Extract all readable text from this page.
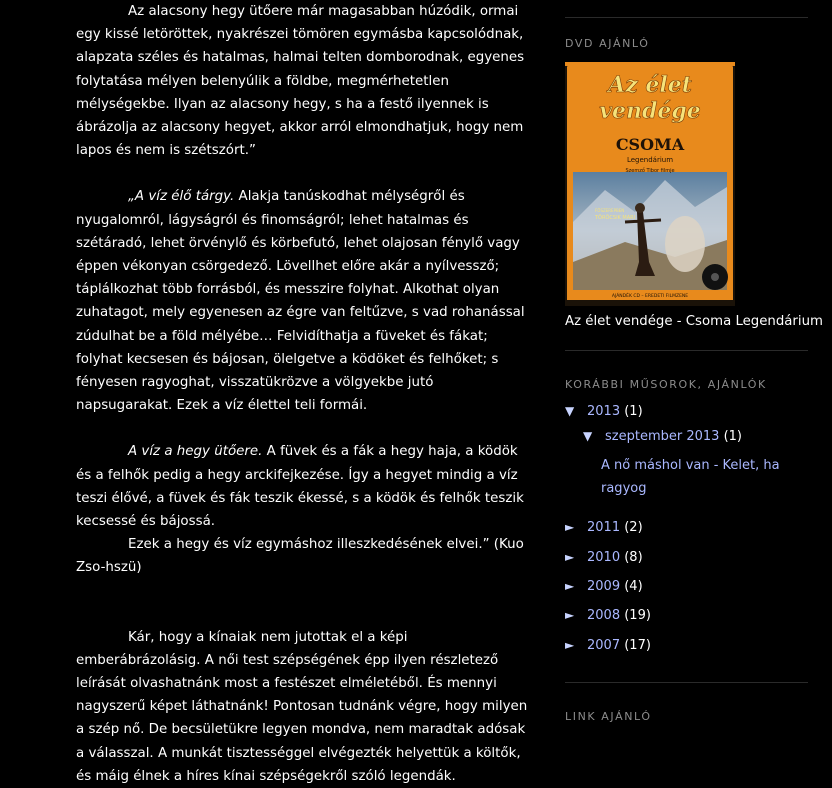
Az alacsony hegy ütőere már magasabban húzódik, ormai egy kissé letöröttek, nyakrészei tömören egymásba kapcsolódnak, alapzata széles és hatalmas, halmai telten domborodnak, egyenes folytatása mélyen belenyúlik a földbe, megmérhetetlen mélységekbe. Ilyan az alacsony hegy, s ha a festő ilyennek is ábrázolja az alacsony hegyet, akkor arról elmondhatjuk, hogy nem lapos és nem is szétszórt.”

„A víz élő tárgy. Alakja tanúskodhat mélységről és nyugalomról, lágyságról és finomságról; lehet hatalmas és szétáradó, lehet örvénylő és körbefutó, lehet olajosan fénylő vagy éppen vékonyan csörgedező. Lövellhet előre akár a nyílvessző; táplálkozhat több forrásból, és messzire folyhat. Alkothat olyan zuhatagot, mely egyenesen az égre van feltűzve, s vad rohanással zúdulhat be a föld mélyébe… Felvidíthatja a füveket és fákat; folyhat kecsesen és bájosan, ölelgetve a ködöket és felhőket; s fényesen ragyoghat, visszatükrözve a völgyekbe jutó napsugarakat. Ezek a víz élettel teli formái.

A víz a hegy ütőere. A füvek és a fák a hegy haja, a ködök és a felhők pedig a hegy arckifejkezése. Így a hegyet mindig a víz teszi élővé, a füvek és fák teszik ékessé, s a ködök és felhők teszik kecsessé és bájossá.

Ezek a hegy és víz egymáshoz illeszkedésének elvei.” (Kuo Zso-hszü)

Kár, hogy a kínaiak nem jutottak el a képi emberábrázolásig. A női test szépségének épp ilyen részletező leírását olvashatnánk most a festészet elméletéből. És mennyi nagyszerű képet láthatnánk! Pontosan tudnánk végre, hogy milyen a szép nő. De becsületükre legyen mondva, nem maradtak adósak a válasszal. A munkát tisztességgel elvégezték helyettük a költők, és máig élnek a híres kínai szépségekről szóló legendák.

DVD AJÁNLÓ
Az élet
vendége
CSOMA
Legendárium
Szemző Tibor filmje
FŐSZEREPBEN
TÖRÖCSIK MARI
AJÁNDÉK CD – EREDETI FILMZENE
Az élet vendége - Csoma Legendárium
KORÁBBI MŰSOROK, AJÁNLÓK
▼ 2013 (1)
▼ szeptember 2013 (1)
A nő máshol van - Kelet, ha ragyog
► 2011 (2)
► 2010 (8)
► 2009 (4)
► 2008 (19)
► 2007 (17)
LINK AJÁNLÓ
